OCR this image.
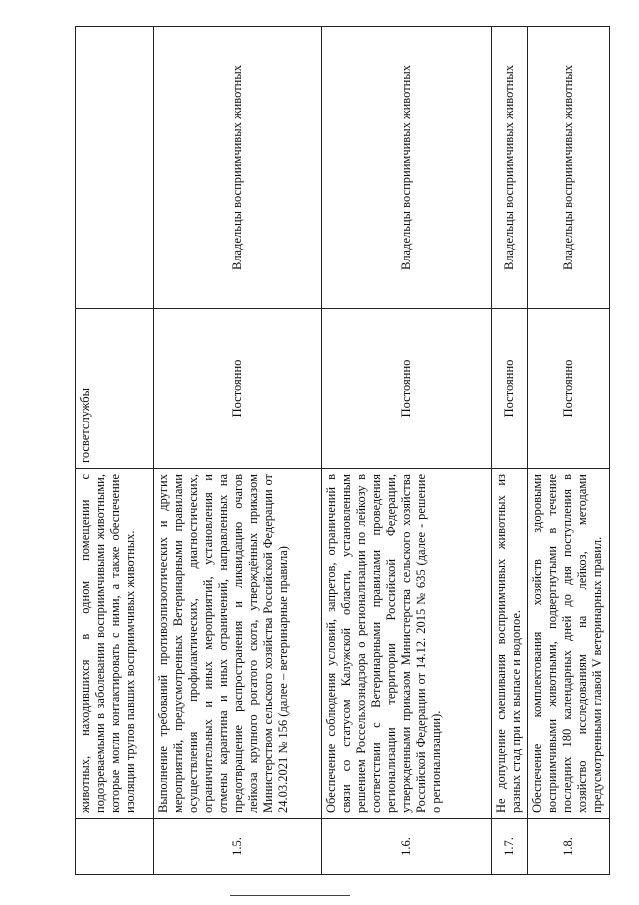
	животных, находившихся в одном помещении с подозреваемыми в заболевании восприимчивыми животными, которые могли контактировать с ними, а также обеспечение изоляции трупов павших восприимчивых животных.	госветслужбы	
1.5.	Выполнение требований противоэпизоотических и других мероприятий, предусмотренных Ветеринарными правилами осуществления профилактических, диагностических, ограничительных и иных мероприятий, установления и отмены карантина и иных ограничений, направленных на предотвращение распространения и ликвидацию очагов лейкоза крупного рогатого скота, утверждённых приказом Министерством сельского хозяйства Российской Федерации от 24.03.2021 № 156 (далее – ветеринарные правила)	Постоянно	Владельцы восприимчивых животных
1.6.	Обеспечение соблюдения условий, запретов, ограничений в связи со статусом Калужской области, установленным решением Россельхознадзора о регионализации по лейкозу в соответствии с Ветеринарными правилами проведения регионализации территории Российской Федерации, утвержденными приказом Министерства сельского хозяйства Российской Федерации от 14.12. 2015 № 635 (далее - решение о регионализации).	Постоянно	Владельцы восприимчивых животных
1.7.	Не допущение смешивания восприимчивых животных из разных стад при их выпасе и водопое.	Постоянно	Владельцы восприимчивых животных
1.8.	Обеспечение комплектования хозяйств здоровыми восприимчивыми животными, подвергнутыми в течение последних 180 календарных дней до дня поступления в хозяйство исследованиям на лейкоз, методами предусмотренными главой V ветеринарных правил.	Постоянно	Владельцы восприимчивых животных
